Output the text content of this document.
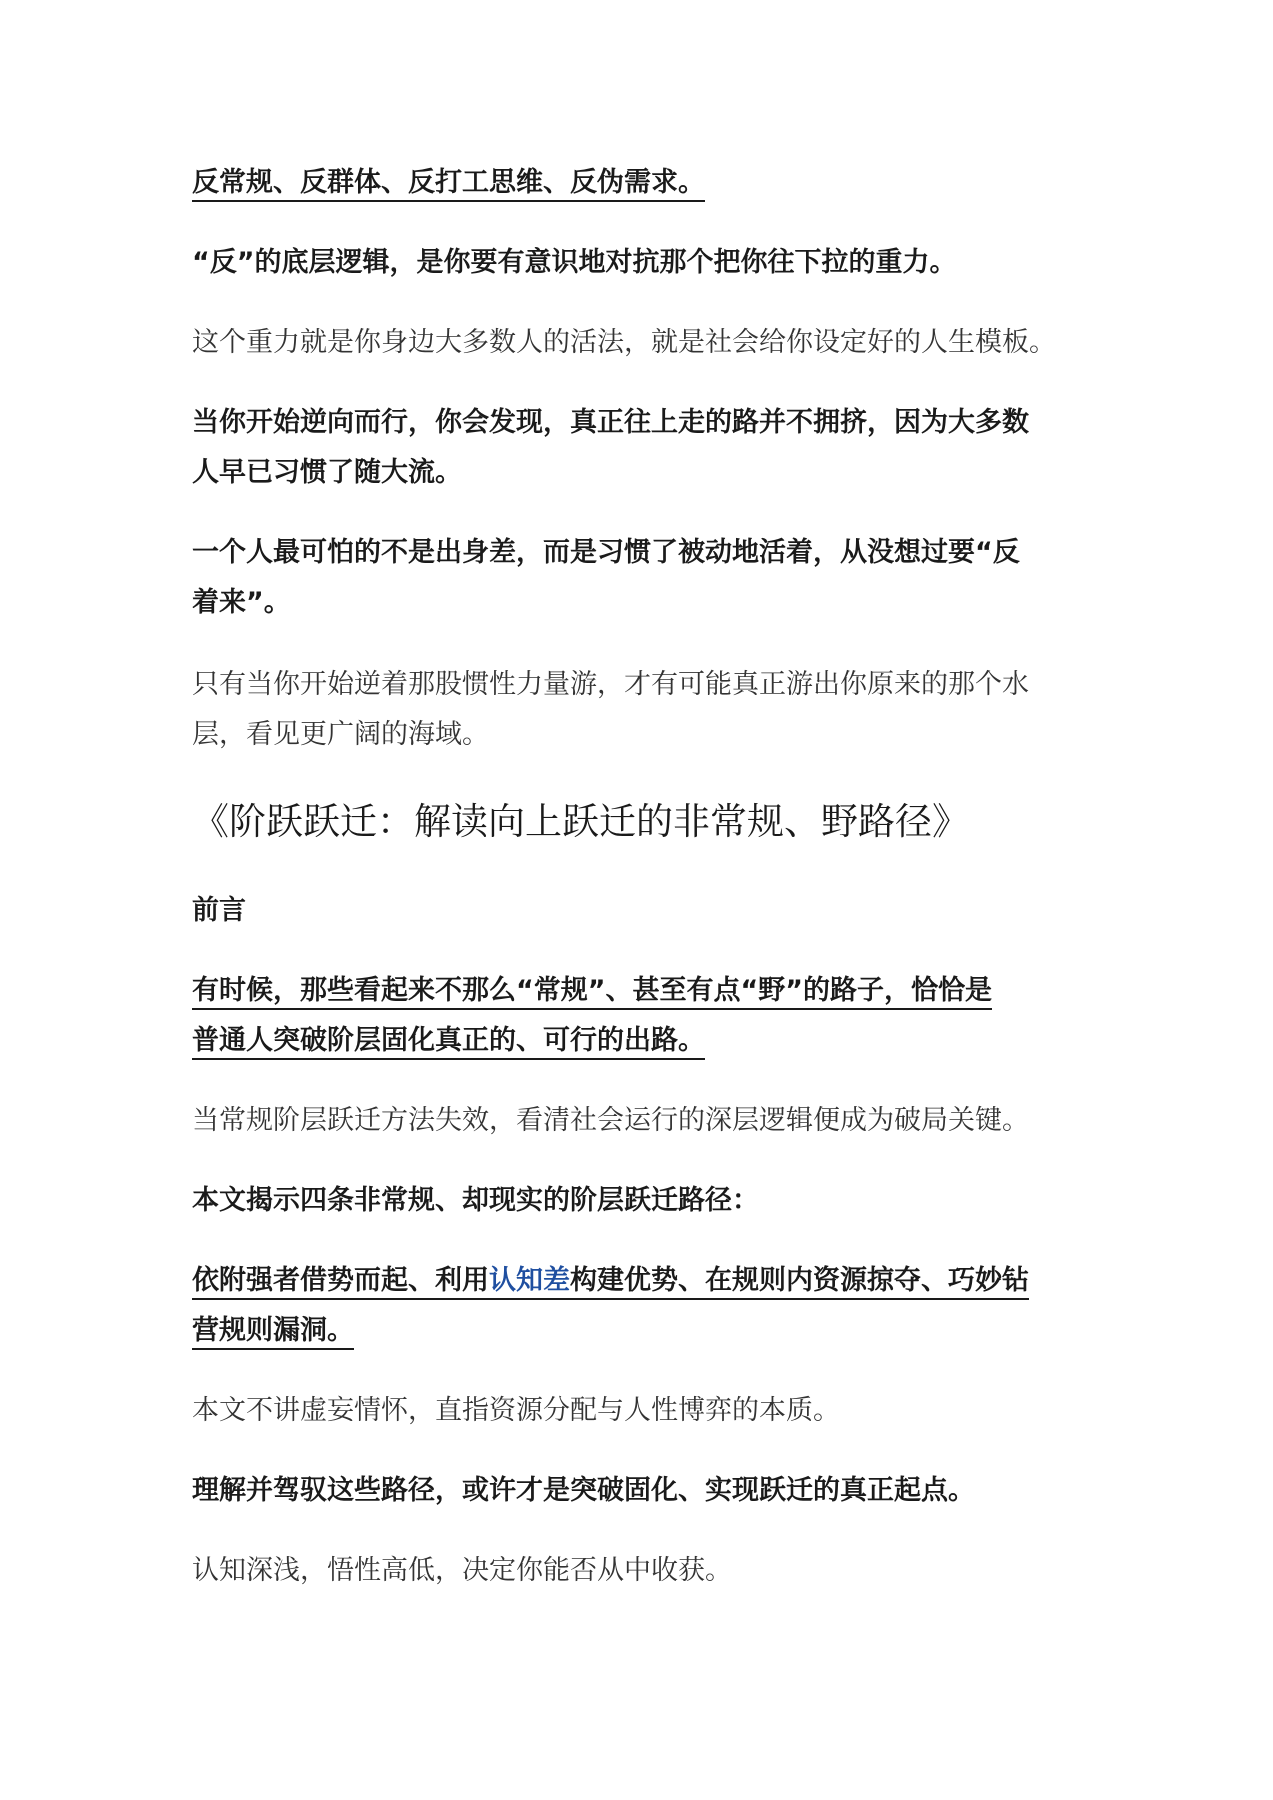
反常规、反群体、反打工思维、反伪需求。

“反”的底层逻辑，是你要有意识地对抗那个把你往下拉的重力。

这个重力就是你身边大多数人的活法，就是社会给你设定好的人生模板。

当你开始逆向而行，你会发现，真正往上走的路并不拥挤，因为大多数
人早已习惯了随大流。

一个人最可怕的不是出身差，而是习惯了被动地活着，从没想过要“反
着来”。

只有当你开始逆着那股惯性力量游，才有可能真正游出你原来的那个水
层，看见更广阔的海域。

《阶跃跃迁：解读向上跃迁的非常规、野路径》

前言

有时候，那些看起来不那么“常规”、甚至有点“野”的路子，恰恰是
普通人突破阶层固化真正的、可行的出路。

当常规阶层跃迁方法失效，看清社会运行的深层逻辑便成为破局关键。

本文揭示四条非常规、却现实的阶层跃迁路径：

依附强者借势而起、利用认知差构建优势、在规则内资源掠夺、巧妙钻
营规则漏洞。

本文不讲虚妄情怀，直指资源分配与人性博弈的本质。

理解并驾驭这些路径，或许才是突破固化、实现跃迁的真正起点。

认知深浅，悟性高低，决定你能否从中收获。
